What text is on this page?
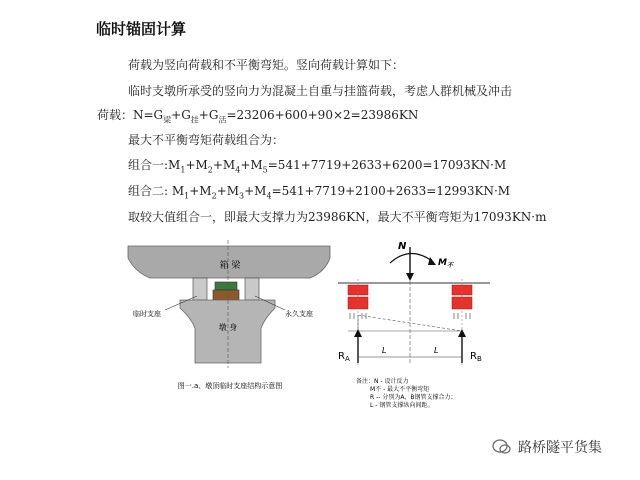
临时锚固计算
荷载为竖向荷载和不平衡弯矩。竖向荷载计算如下：
临时支墩所承受的竖向力为混凝土自重与挂篮荷载，考虑人群机械及冲击
荷载：$N=G_梁+G_挂+G_活=23206+600+90\times 2=23986KN$
最大不平衡弯矩荷载组合为：
组合一$:M_1+M_2+M_4+M_5=541+7719+2633+6200=17093KN\cdot M$
组合二: $M_1+M_2+M_3+M_4=541+7719+2100+2633=12993KN\cdot M$
取较大值组合一，即最大支撑力为23986KN，最大不平衡弯矩为17093KN·m
箱 梁
墩 身
临时支座	永久支座
图一.a、墩顶临时支座结构示意图
N
$M_不$
$R_A$	$R_B$
L	L
备注：N - 设计反力
M不 - 最大不平衡弯矩
R -- 分别为A、B钢管支撑合力；
L - 钢管支撑纵向间距。
路桥隧平货集
